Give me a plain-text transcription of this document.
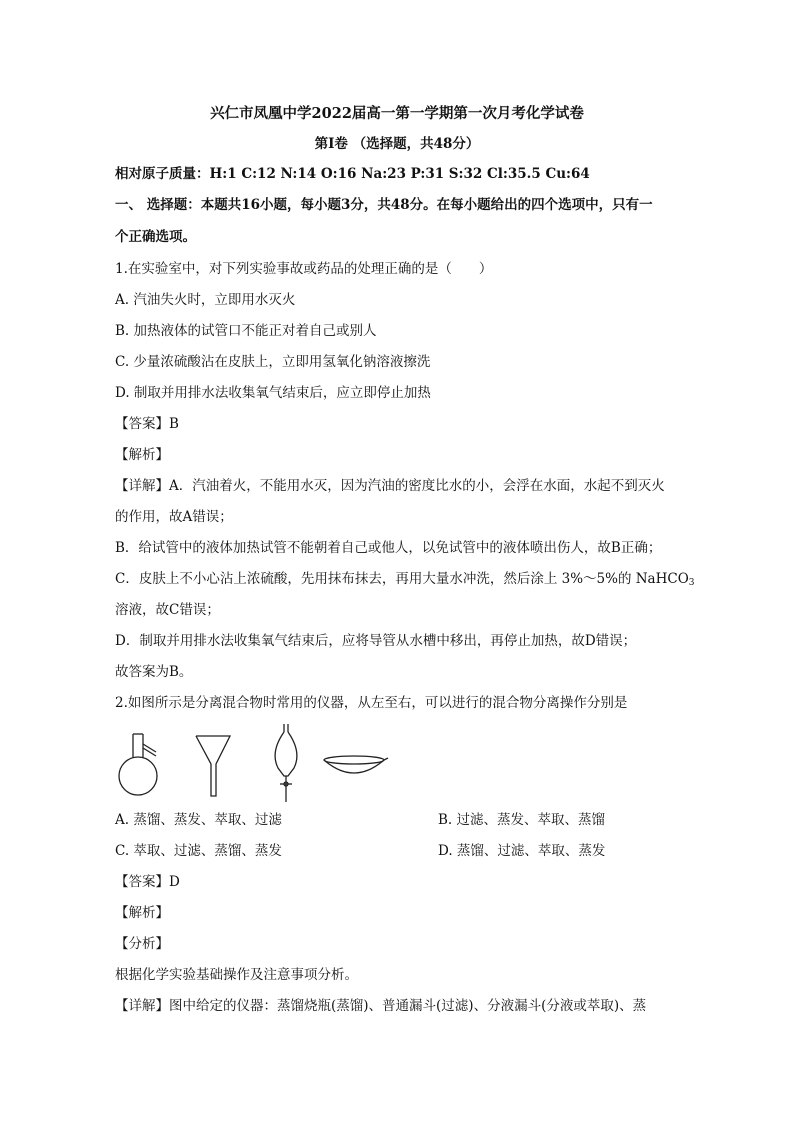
兴仁市凤凰中学2022届高一第一学期第一次月考化学试卷
第Ⅰ卷 （选择题，共48分）
相对原子质量：H:1 C:12 N:14 O:16 Na:23 P:31 S:32 Cl:35.5 Cu:64
一、 选择题：本题共16小题，每小题3分，共48分。在每小题给出的四个选项中，只有一
个正确选项。
1.在实验室中，对下列实验事故或药品的处理正确的是（　　）
A. 汽油失火时，立即用水灭火
B. 加热液体的试管口不能正对着自己或别人
C. 少量浓硫酸沾在皮肤上，立即用氢氧化钠溶液擦洗
D. 制取并用排水法收集氧气结束后，应立即停止加热
【答案】B
【解析】
【详解】A．汽油着火，不能用水灭，因为汽油的密度比水的小，会浮在水面，水起不到灭火
的作用，故A错误；
B．给试管中的液体加热试管不能朝着自己或他人，以免试管中的液体喷出伤人，故B正确；
C．皮肤上不小心沾上浓硫酸，先用抹布抹去，再用大量水冲洗，然后涂上 3%～5%的 NaHCO$_3$
溶液，故C错误；
D．制取并用排水法收集氧气结束后，应将导管从水槽中移出，再停止加热，故D错误；
故答案为B。
2.如图所示是分离混合物时常用的仪器，从左至右，可以进行的混合物分离操作分别是
A. 蒸馏、蒸发、萃取、过滤	B. 过滤、蒸发、萃取、蒸馏
C. 萃取、过滤、蒸馏、蒸发	D. 蒸馏、过滤、萃取、蒸发
【答案】D
【解析】
【分析】
根据化学实验基础操作及注意事项分析。
【详解】图中给定的仪器：蒸馏烧瓶(蒸馏)、普通漏斗(过滤)、分液漏斗(分液或萃取)、蒸
